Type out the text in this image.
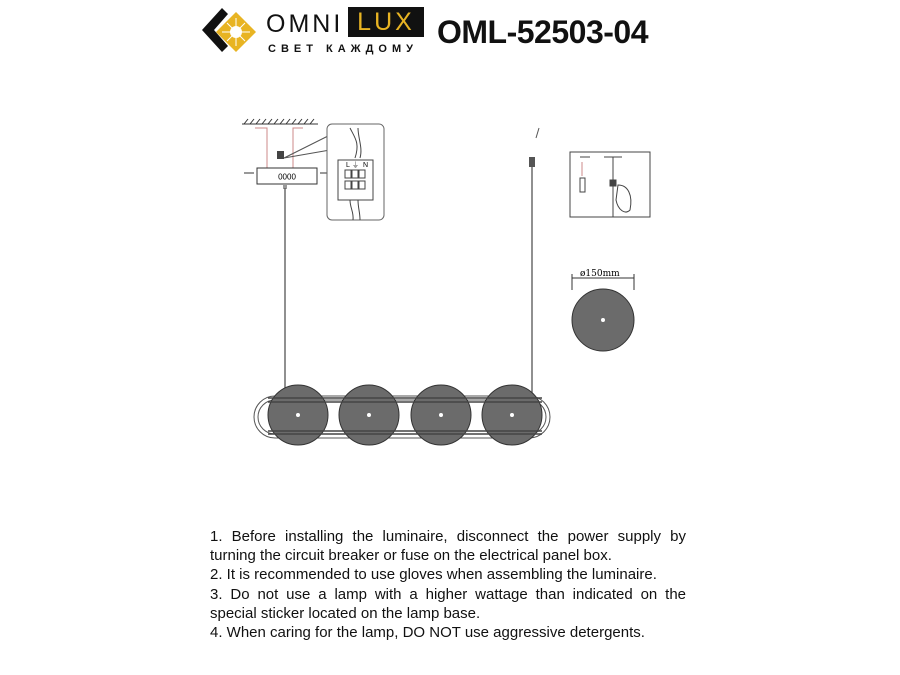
OMNI LUX
СВЕТ КАЖДОМУ OML-52503-04
0000
L ⏚ N
ø150mm

1. Before installing the luminaire, disconnect the power supply by turning the circuit breaker or fuse on the electrical panel box.

2. It is recommended to use gloves when assembling the luminaire.

3. Do not use a lamp with a higher wattage than indicated on the special sticker located on the lamp base.

4. When caring for the lamp, DO NOT use aggressive detergents.
